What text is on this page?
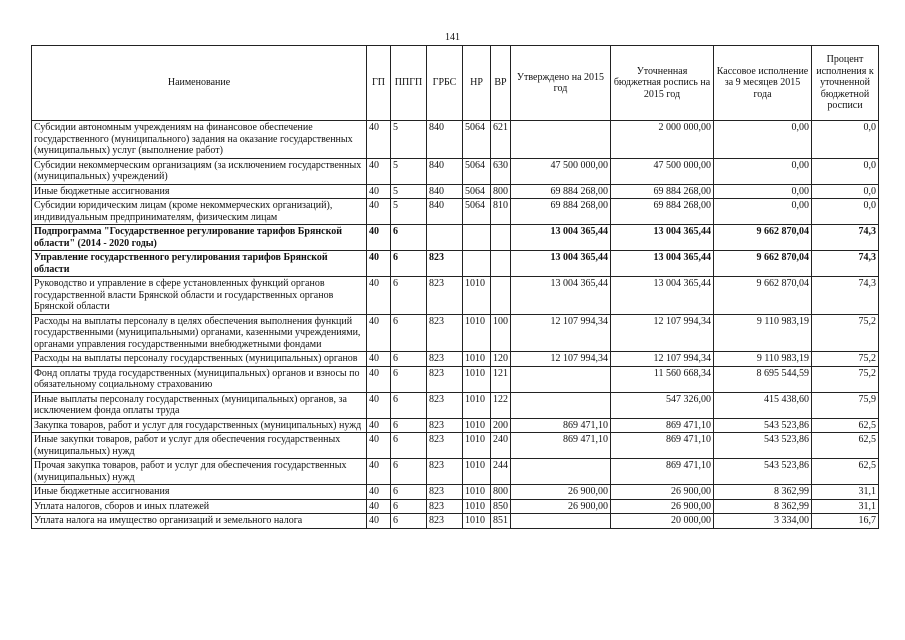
141
Наименование	ГП	ППГП	ГРБС	НР	ВР	Утверждено на 2015 год	Уточненная бюджетная роспись на 2015 год	Кассовое исполнение за 9 месяцев 2015 года	Процент исполнения к уточненной бюджетной росписи
Субсидии автономным учреждениям на финансовое обеспечение государственного (муниципального) задания на оказание государственных (муниципальных) услуг (выполнение работ)	40	5	840	5064	621		2 000 000,00	0,00	0,0
Субсидии некоммерческим организациям (за исключением государственных (муниципальных) учреждений)	40	5	840	5064	630	47 500 000,00	47 500 000,00	0,00	0,0
Иные бюджетные ассигнования	40	5	840	5064	800	69 884 268,00	69 884 268,00	0,00	0,0
Субсидии юридическим лицам (кроме некоммерческих организаций), индивидуальным предпринимателям, физическим лицам	40	5	840	5064	810	69 884 268,00	69 884 268,00	0,00	0,0
Подпрограмма "Государственное регулирование тарифов Брянской области" (2014 - 2020 годы)	40	6				13 004 365,44	13 004 365,44	9 662 870,04	74,3
Управление государственного регулирования тарифов Брянской области	40	6	823			13 004 365,44	13 004 365,44	9 662 870,04	74,3
Руководство и управление в сфере установленных функций органов государственной власти Брянской области и государственных органов Брянской области	40	6	823	1010		13 004 365,44	13 004 365,44	9 662 870,04	74,3
Расходы на выплаты персоналу в целях обеспечения выполнения функций государственными (муниципальными) органами, казенными учреждениями, органами управления государственными внебюджетными фондами	40	6	823	1010	100	12 107 994,34	12 107 994,34	9 110 983,19	75,2
Расходы на выплаты персоналу государственных (муниципальных) органов	40	6	823	1010	120	12 107 994,34	12 107 994,34	9 110 983,19	75,2
Фонд оплаты труда государственных (муниципальных) органов и взносы по обязательному социальному страхованию	40	6	823	1010	121		11 560 668,34	8 695 544,59	75,2
Иные выплаты персоналу государственных (муниципальных) органов, за исключением фонда оплаты труда	40	6	823	1010	122		547 326,00	415 438,60	75,9
Закупка товаров, работ и услуг для государственных (муниципальных) нужд	40	6	823	1010	200	869 471,10	869 471,10	543 523,86	62,5
Иные закупки товаров, работ и услуг для обеспечения государственных (муниципальных) нужд	40	6	823	1010	240	869 471,10	869 471,10	543 523,86	62,5
Прочая закупка товаров, работ и услуг для обеспечения государственных (муниципальных) нужд	40	6	823	1010	244		869 471,10	543 523,86	62,5
Иные бюджетные ассигнования	40	6	823	1010	800	26 900,00	26 900,00	8 362,99	31,1
Уплата налогов, сборов и иных платежей	40	6	823	1010	850	26 900,00	26 900,00	8 362,99	31,1
Уплата налога на имущество организаций и земельного налога	40	6	823	1010	851		20 000,00	3 334,00	16,7
